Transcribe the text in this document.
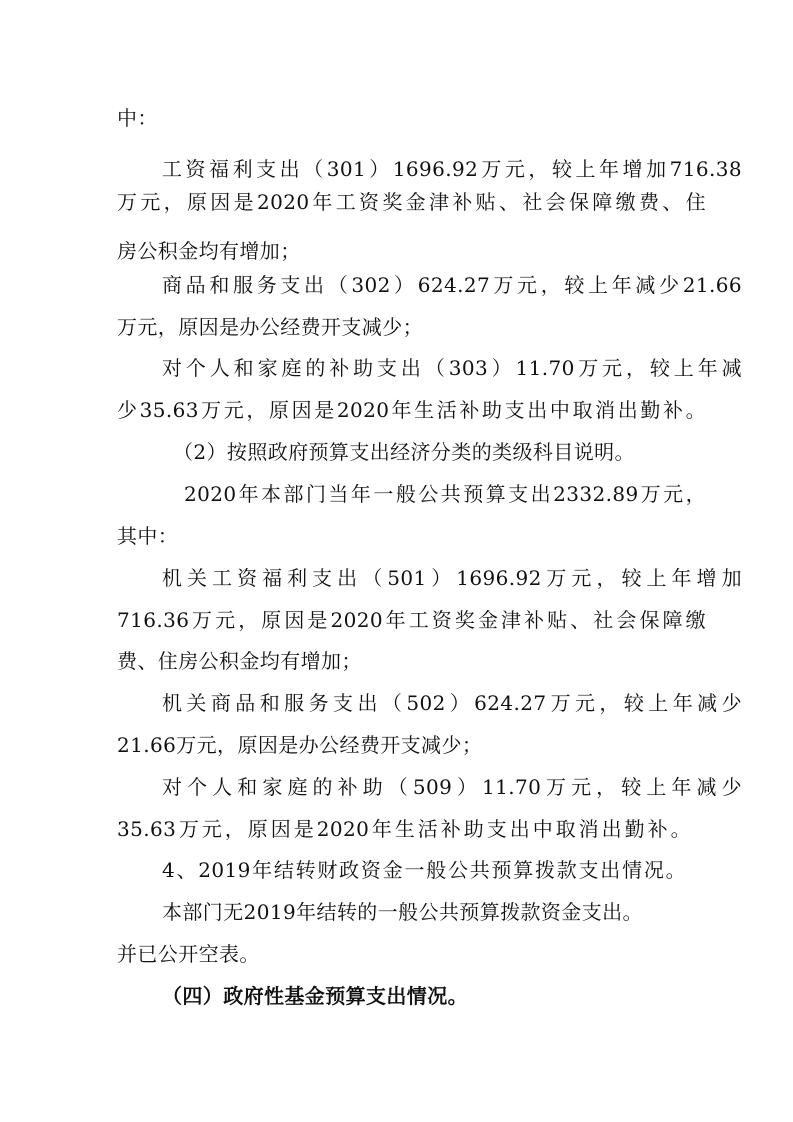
中：
工资福利支出（301）1696.92万元，较上年增加716.38
万元，原因是2020年工资奖金津补贴、社会保障缴费、住
房公积金均有增加；
商品和服务支出（302）624.27万元，较上年减少21.66
万元，原因是办公经费开支减少；
对个人和家庭的补助支出（303）11.70万元，较上年减
少35.63万元，原因是2020年生活补助支出中取消出勤补。
（2）按照政府预算支出经济分类的类级科目说明。
2020年本部门当年一般公共预算支出2332.89万元，
其中：
机关工资福利支出（501）1696.92万元，较上年增加
716.36万元，原因是2020年工资奖金津补贴、社会保障缴
费、住房公积金均有增加；
机关商品和服务支出（502）624.27万元，较上年减少
21.66万元，原因是办公经费开支减少；
对个人和家庭的补助（509）11.70万元，较上年减少
35.63万元，原因是2020年生活补助支出中取消出勤补。
4、2019年结转财政资金一般公共预算拨款支出情况。
本部门无2019年结转的一般公共预算拨款资金支出。
并已公开空表。
（四）政府性基金预算支出情况。
